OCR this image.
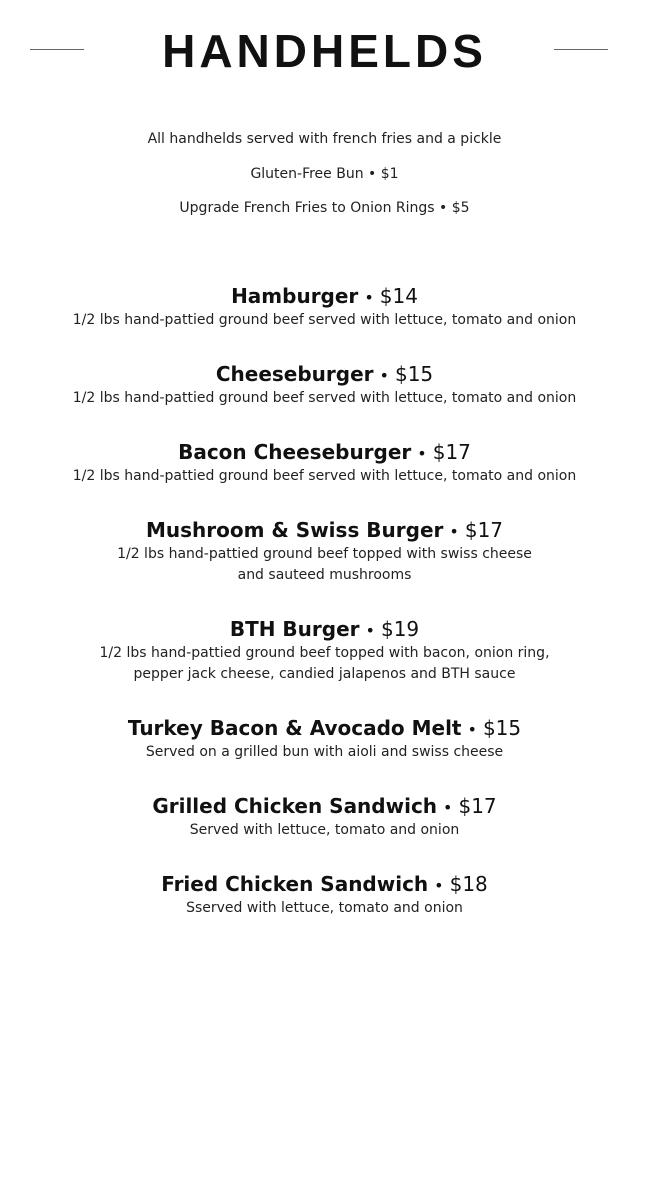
HANDHELDS
All handhelds served with french fries and a pickle
Gluten-Free Bun • $1
Upgrade French Fries to Onion Rings • $5
Hamburger • $14
1/2 lbs hand-pattied ground beef served with lettuce, tomato and onion
Cheeseburger • $15
1/2 lbs hand-pattied ground beef served with lettuce, tomato and onion
Bacon Cheeseburger • $17
1/2 lbs hand-pattied ground beef served with lettuce, tomato and onion
Mushroom & Swiss Burger • $17
1/2 lbs hand-pattied ground beef topped with swiss cheese
and sauteed mushrooms
BTH Burger • $19
1/2 lbs hand-pattied ground beef topped with bacon, onion ring,
pepper jack cheese, candied jalapenos and BTH sauce
Turkey Bacon & Avocado Melt • $15
Served on a grilled bun with aioli and swiss cheese
Grilled Chicken Sandwich • $17
Served with lettuce, tomato and onion
Fried Chicken Sandwich • $18
Sserved with lettuce, tomato and onion
